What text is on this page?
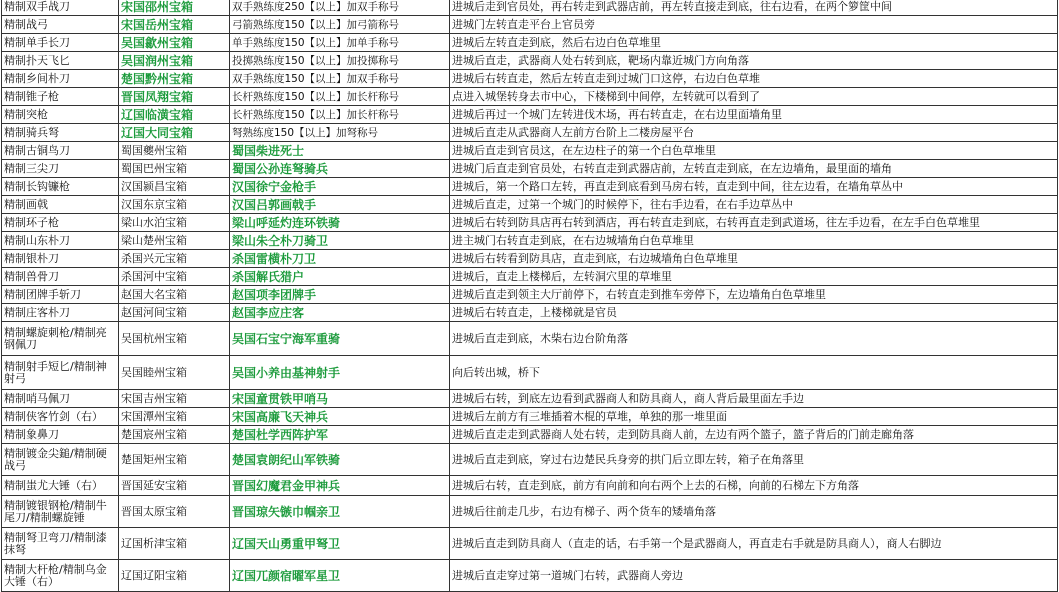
精制双手战刀	宋国邵州宝箱	双手熟练度250【以上】加双手称号	进城后走到官员处，再右转走到武器店前，再左转直接走到底，往右边看，在两个箩筐中间
精制战弓	宋国岳州宝箱	弓箭熟练度150【以上】加弓箭称号	进城门左转直走平台上官员旁
精制单手长刀	吴国歙州宝箱	单手熟练度150【以上】加单手称号	进城后左转直走到底，然后右边白色草堆里
精制扑天飞匕	吴国润州宝箱	投掷熟练度150【以上】加投掷称号	进城后直走，武器商人处右转到底，靶场内靠近城门方向角落
精制乡间朴刀	楚国黔州宝箱	双手熟练度150【以上】加双手称号	进城后右转直走，然后左转直走到过城门口这停，右边白色草堆
精制锥子枪	晋国凤翔宝箱	长杆熟练度150【以上】加长杆称号	点进入城堡转身去市中心，下楼梯到中间停，左转就可以看到了
精制突枪	辽国临潢宝箱	长杆熟练度150【以上】加长杆称号	进城后再过一个城门左转进伐木场，再右转直走，在右边里面墙角里
精制骑兵弩	辽国大同宝箱	弩熟练度150【以上】加弩称号	进城后直走从武器商人左前方台阶上二楼房屋平台
精制古铜鸟刀	蜀国夔州宝箱	蜀国柴进死士	进城后直走到官员这，在左边柱子的第一个白色草堆里
精制三尖刀	蜀国巴州宝箱	蜀国公孙连弩骑兵	进城门后直走到官员处，右转直走到武器店前，左转直走到底，在左边墙角，最里面的墙角
精制长钩镰枪	汉国颍昌宝箱	汉国徐宁金枪手	进城后，第一个路口左转，再直走到底看到马房右转，直走到中间，往左边看，在墙角草丛中
精制画戟	汉国东京宝箱	汉国吕郭画戟手	进城后直走，过第一个城门的时候停下，往右手边看，在右手边草丛中
精制环子枪	梁山水泊宝箱	梁山呼延灼连环铁骑	进城后右转到防具店再右转到酒店，再右转直走到底，右转再直走到武道场，往左手边看，在左手白色草堆里
精制山东朴刀	梁山楚州宝箱	梁山朱仝朴刀骑卫	进主城门右转直走到底，在右边城墙角白色草堆里
精制银朴刀	杀国兴元宝箱	杀国雷横朴刀卫	进城后右转看到防具店，直走到底，右边城墙角白色草堆里
精制兽骨刀	杀国河中宝箱	杀国解氏猎户	进城后，直走上楼梯后，左转洞穴里的草堆里
精制团牌手斩刀	赵国大名宝箱	赵国项李团牌手	进城后直走到领主大厅前停下，右转直走到推车旁停下，左边墙角白色草堆里
精制庄客朴刀	赵国河间宝箱	赵国李应庄客	进城后右转直走，上楼梯就是官员
精制螺旋刺枪/精制亮钢佩刀	吴国杭州宝箱	吴国石宝宁海军重骑	进城后直走到底，木柴右边台阶角落
精制射手短匕/精制神射弓	吴国睦州宝箱	吴国小养由基神射手	向后转出城，桥下
精制哨马佩刀	宋国吉州宝箱	宋国童贯铁甲哨马	进城后右转，到底左边看到武器商人和防具商人，商人背后最里面左手边
精制侠客竹剑（右）	宋国潭州宝箱	宋国高廉飞天神兵	进城后左前方有三堆插着木棍的草堆，单独的那一堆里面
精制象鼻刀	楚国宸州宝箱	楚国杜学西阵护军	进城后直走走到武器商人处右转，走到防具商人前，左边有两个篮子，篮子背后的门前走廊角落
精制镀金尖鎚/精制硬战弓	楚国矩州宝箱	楚国袁朗纪山军铁骑	进城后直走到底，穿过右边楚民兵身旁的拱门后立即左转，箱子在角落里
精制蚩尤大锤（右）	晋国延安宝箱	晋国幻魔君金甲神兵	进城后右转，直走到底，前方有向前和向右两个上去的石梯，向前的石梯左下方角落
精制镀银钢枪/精制牛尾刀/精制螺旋锤	晋国太原宝箱	晋国琼矢镞巾帼亲卫	进城后往前走几步，右边有梯子、两个货车的矮墙角落
精制弩卫弯刀/精制漆抹弩	辽国析津宝箱	辽国天山勇重甲弩卫	进城后直走到防具商人（直走的话，右手第一个是武器商人，再直走右手就是防具商人），商人右脚边
精制大杆枪/精制乌金大锤（右）	辽国辽阳宝箱	辽国兀颜宿曜军星卫	进城后直走穿过第一道城门右转，武器商人旁边
